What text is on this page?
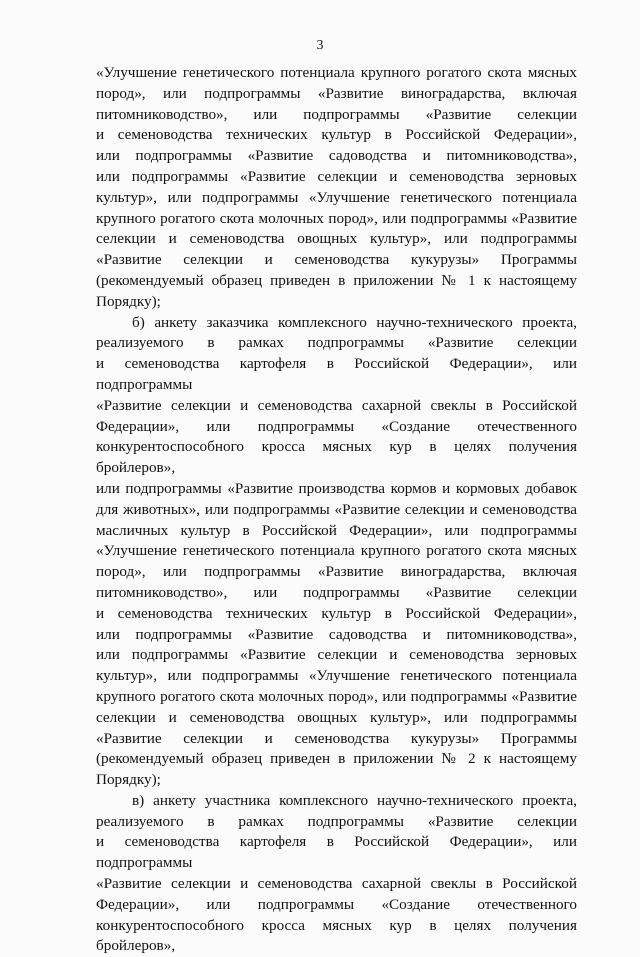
3

«Улучшение генетического потенциала крупного рогатого скота мясных
пород», или подпрограммы «Развитие виноградарства, включая
питомниководство», или подпрограммы «Развитие селекции
и семеноводства технических культур в Российской Федерации»,
или подпрограммы «Развитие садоводства и питомниководства»,
или подпрограммы «Развитие селекции и семеноводства зерновых
культур», или подпрограммы «Улучшение генетического потенциала
крупного рогатого скота молочных пород», или подпрограммы «Развитие
селекции и семеноводства овощных культур», или подпрограммы
«Развитие селекции и семеноводства кукурузы» Программы
(рекомендуемый образец приведен в приложении № 1 к настоящему
Порядку);

б) анкету заказчика комплексного научно-технического проекта,
реализуемого в рамках подпрограммы «Развитие селекции
и семеноводства картофеля в Российской Федерации», или подпрограммы
«Развитие селекции и семеноводства сахарной свеклы в Российской
Федерации», или подпрограммы «Создание отечественного
конкурентоспособного кросса мясных кур в целях получения бройлеров»,
или подпрограммы «Развитие производства кормов и кормовых добавок
для животных», или подпрограммы «Развитие селекции и семеноводства
масличных культур в Российской Федерации», или подпрограммы
«Улучшение генетического потенциала крупного рогатого скота мясных
пород», или подпрограммы «Развитие виноградарства, включая
питомниководство», или подпрограммы «Развитие селекции
и семеноводства технических культур в Российской Федерации»,
или подпрограммы «Развитие садоводства и питомниководства»,
или подпрограммы «Развитие селекции и семеноводства зерновых
культур», или подпрограммы «Улучшение генетического потенциала
крупного рогатого скота молочных пород», или подпрограммы «Развитие
селекции и семеноводства овощных культур», или подпрограммы
«Развитие селекции и семеноводства кукурузы» Программы
(рекомендуемый образец приведен в приложении № 2 к настоящему
Порядку);

в) анкету участника комплексного научно-технического проекта,
реализуемого в рамках подпрограммы «Развитие селекции
и семеноводства картофеля в Российской Федерации», или подпрограммы
«Развитие селекции и семеноводства сахарной свеклы в Российской
Федерации», или подпрограммы «Создание отечественного
конкурентоспособного кросса мясных кур в целях получения бройлеров»,
